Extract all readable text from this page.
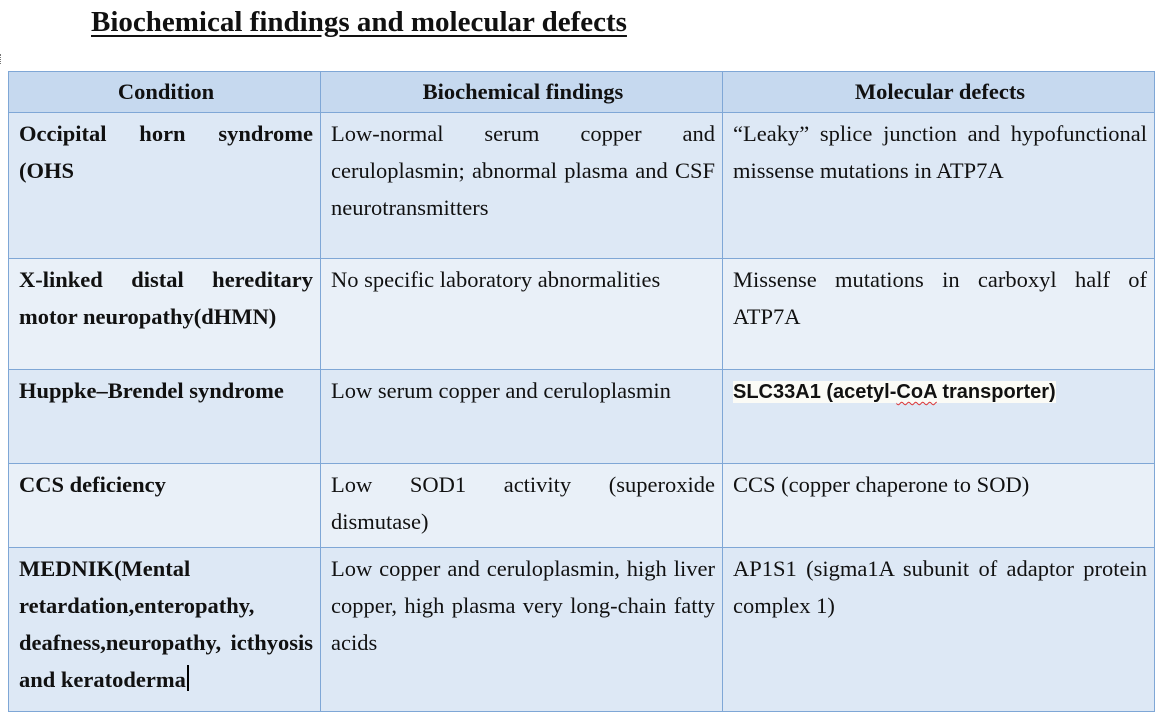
Biochemical findings and molecular defects
Condition	Biochemical findings	Molecular defects
Occipital horn syndrome (OHS	Low-normal serum copper and ceruloplasmin; abnormal plasma and CSF neurotransmitters	“Leaky” splice junction and hypofunctional missense mutations in ATP7A
X-linked distal hereditary motor neuropathy(dHMN)	No specific laboratory abnormalities	Missense mutations in carboxyl half of ATP7A
Huppke–Brendel syndrome	Low serum copper and ceruloplasmin	SLC33A1 (acetyl-CoA transporter)
CCS deficiency	Low SOD1 activity (superoxide dismutase)	CCS (copper chaperone to SOD)
MEDNIK(Mental retardation,enteropathy, deafness,neuropathy, icthyosis and keratoderma	Low copper and ceruloplasmin, high liver copper, high plasma very long-chain fatty acids	AP1S1 (sigma1A subunit of adaptor protein complex 1)
